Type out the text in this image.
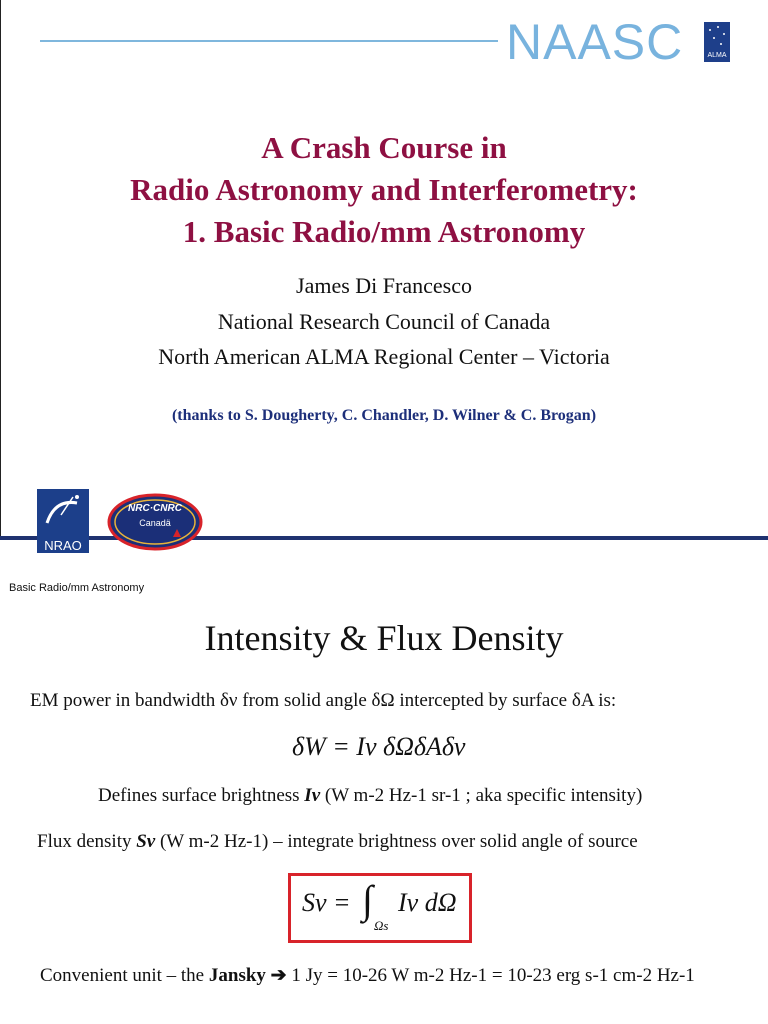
NAASC	ALMA
A Crash Course in
Radio Astronomy and Interferometry:
1. Basic Radio/mm Astronomy
James Di Francesco
National Research Council of Canada
North American ALMA Regional Center – Victoria
(thanks to S. Dougherty, C. Chandler, D. Wilner & C. Brogan)
NRAO
NRC·CNRC
Canadä
Basic Radio/mm Astronomy
Intensity & Flux Density
EM power in bandwidth δν from solid angle δΩ intercepted by surface δA is:
δW = Iν δΩδAδν
Defines surface brightness Iν (W m-2 Hz-1 sr-1 ; aka specific intensity)
Flux density Sν (W m-2 Hz-1) – integrate brightness over solid angle of source
Sν = ∫
Ωs
Iν dΩ
Convenient unit – the Jansky ➔ 1 Jy = 10-26 W m-2 Hz-1 = 10-23 erg s-1 cm-2 Hz-1
